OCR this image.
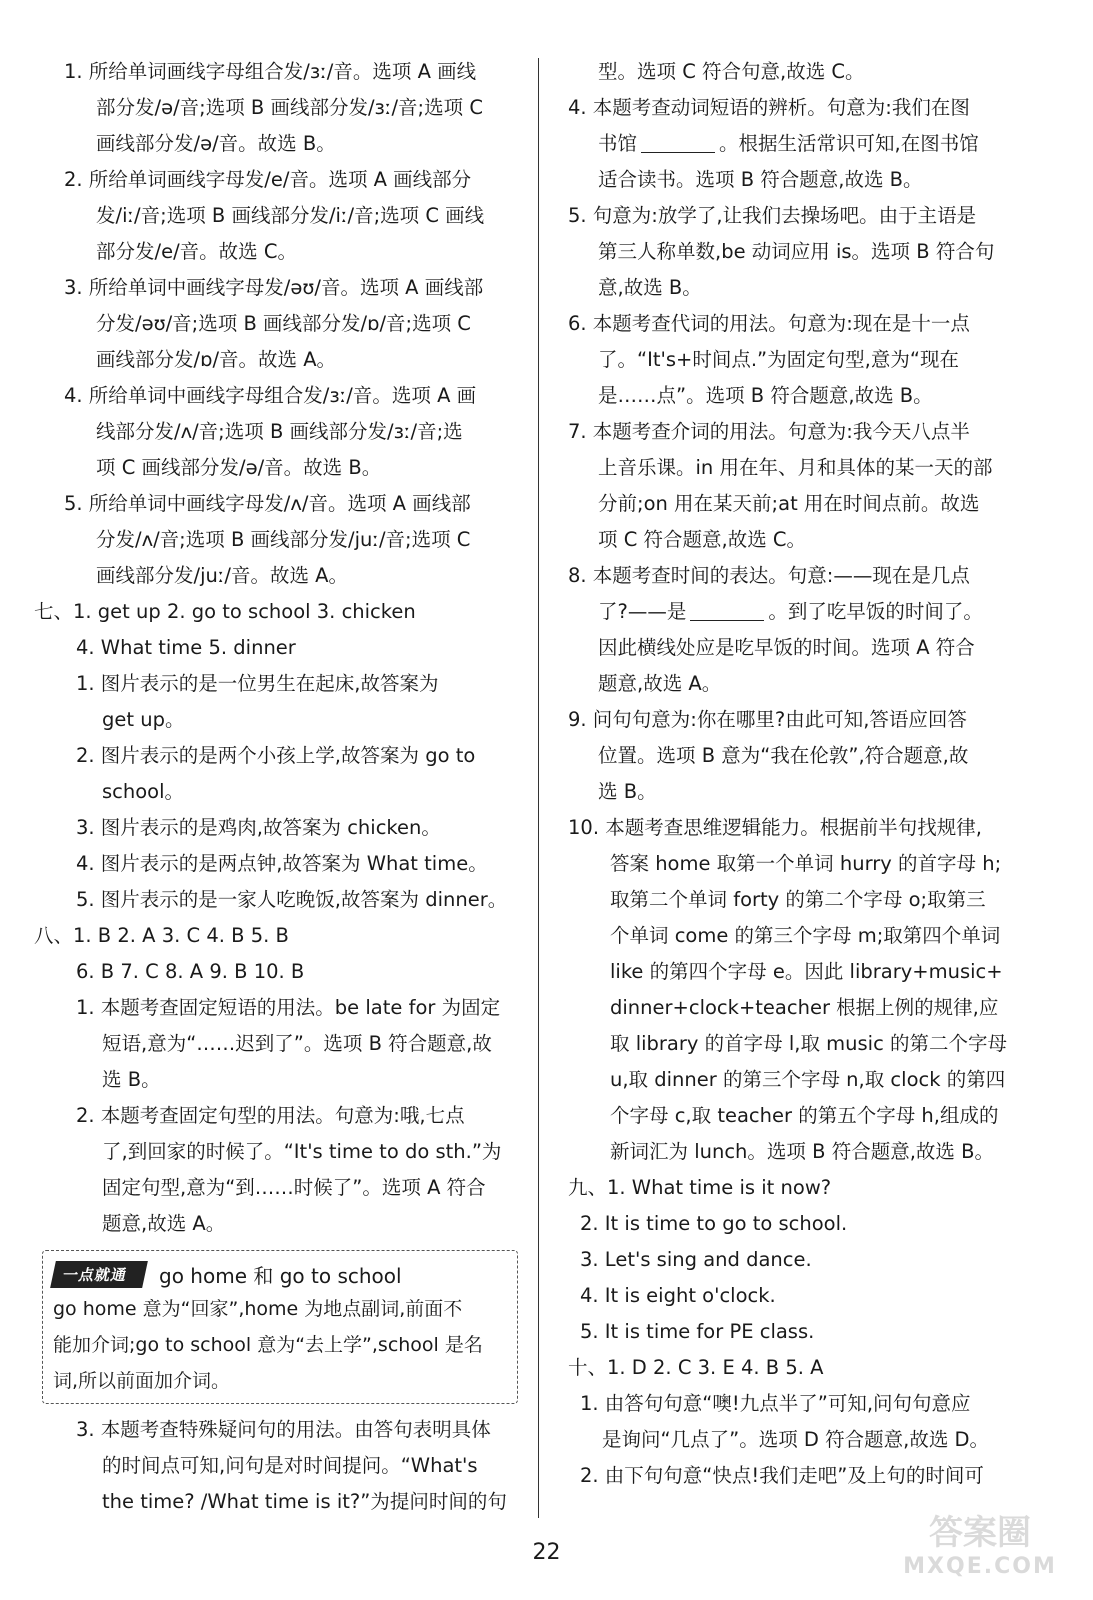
1. 所给单词画线字母组合发/ɜː/音。选项 A 画线

部分发/ə/音;选项 B 画线部分发/ɜː/音;选项 C

画线部分发/ə/音。故选 B。

2. 所给单词画线字母发/e/音。选项 A 画线部分

发/iː/音;选项 B 画线部分发/iː/音;选项 C 画线

部分发/e/音。故选 C。

3. 所给单词中画线字母发/əʊ/音。选项 A 画线部

分发/əʊ/音;选项 B 画线部分发/ɒ/音;选项 C

画线部分发/ɒ/音。故选 A。

4. 所给单词中画线字母组合发/ɜː/音。选项 A 画

线部分发/ʌ/音;选项 B 画线部分发/ɜː/音;选

项 C 画线部分发/ə/音。故选 B。

5. 所给单词中画线字母发/ʌ/音。选项 A 画线部

分发/ʌ/音;选项 B 画线部分发/juː/音;选项 C

画线部分发/juː/音。故选 A。

七、1. get up 2. go to school 3. chicken

4. What time 5. dinner

1. 图片表示的是一位男生在起床,故答案为

get up。

2. 图片表示的是两个小孩上学,故答案为 go to

school。

3. 图片表示的是鸡肉,故答案为 chicken。

4. 图片表示的是两点钟,故答案为 What time。

5. 图片表示的是一家人吃晚饭,故答案为 dinner。

八、1. B 2. A 3. C 4. B 5. B

6. B 7. C 8. A 9. B 10. B

1. 本题考查固定短语的用法。be late for 为固定

短语,意为“……迟到了”。选项 B 符合题意,故

选 B。

2. 本题考查固定句型的用法。句意为:哦,七点

了,到回家的时候了。“It's time to do sth.”为

固定句型,意为“到……时候了”。选项 A 符合

题意,故选 A。

一点就通	go home 和 go to school

go home 意为“回家”,home 为地点副词,前面不

能加介词;go to school 意为“去上学”,school 是名

词,所以前面加介词。

3. 本题考查特殊疑问句的用法。由答句表明具体

的时间点可知,问句是对时间提问。“What's

the time? /What time is it?”为提问时间的句

型。选项 C 符合句意,故选 C。

4. 本题考查动词短语的辨析。句意为:我们在图

书馆	。根据生活常识可知,在图书馆

适合读书。选项 B 符合题意,故选 B。

5. 句意为:放学了,让我们去操场吧。由于主语是

第三人称单数,be 动词应用 is。选项 B 符合句

意,故选 B。

6. 本题考查代词的用法。句意为:现在是十一点

了。“It's+时间点.”为固定句型,意为“现在

是……点”。选项 B 符合题意,故选 B。

7. 本题考查介词的用法。句意为:我今天八点半

上音乐课。in 用在年、月和具体的某一天的部

分前;on 用在某天前;at 用在时间点前。故选

项 C 符合题意,故选 C。

8. 本题考查时间的表达。句意:——现在是几点

了?——是	。到了吃早饭的时间了。

因此横线处应是吃早饭的时间。选项 A 符合

题意,故选 A。

9. 问句句意为:你在哪里?由此可知,答语应回答

位置。选项 B 意为“我在伦敦”,符合题意,故

选 B。

10. 本题考查思维逻辑能力。根据前半句找规律,

答案 home 取第一个单词 hurry 的首字母 h;

取第二个单词 forty 的第二个字母 o;取第三

个单词 come 的第三个字母 m;取第四个单词

like 的第四个字母 e。因此 library+music+

dinner+clock+teacher 根据上例的规律,应

取 library 的首字母 l,取 music 的第二个字母

u,取 dinner 的第三个字母 n,取 clock 的第四

个字母 c,取 teacher 的第五个字母 h,组成的

新词汇为 lunch。选项 B 符合题意,故选 B。

九、1. What time is it now?

2. It is time to go to school.

3. Let's sing and dance.

4. It is eight o'clock.

5. It is time for PE class.

十、1. D 2. C 3. E 4. B 5. A

1. 由答句句意“噢!九点半了”可知,问句句意应

是询问“几点了”。选项 D 符合题意,故选 D。

2. 由下句句意“快点!我们走吧”及上句的时间可

22	答案圈
MXQE.COM
